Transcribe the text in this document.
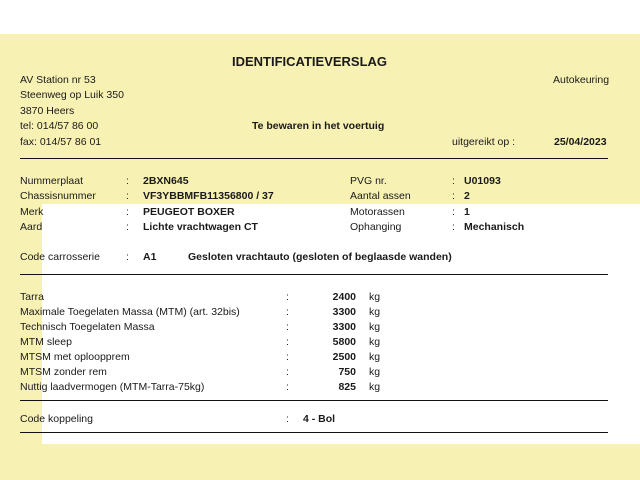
IDENTIFICATIEVERSLAG
Autokeuring
AV Station nr 53
Steenweg op Luik 350
3870 Heers
tel: 014/57 86 00	Te bewaren in het voertuig
fax: 014/57 86 01	uitgereikt op :	25/04/2023
Nummerplaat	: 2BXN645	PVG nr.	: U01093
Chassisnummer	: VF3YBBMFB11356800 / 37	Aantal assen	: 2
Merk	: PEUGEOT BOXER	Motorassen	: 1
Aard	: Lichte vrachtwagen CT	Ophanging	: Mechanisch
Code carrosserie : A1	Gesloten vrachtauto (gesloten of beglaasde wanden)
Tarra	:	2400 kg
Maximale Toegelaten Massa (MTM) (art. 32bis)	:	3300 kg
Technisch Toegelaten Massa	:	3300 kg
MTM sleep	:	5800 kg
MTSM met oploopprem	:	2500 kg
MTSM zonder rem	:	750 kg
Nuttig laadvermogen (MTM-Tarra-75kg)	:	825 kg
Code koppeling	: 4 - Bol
